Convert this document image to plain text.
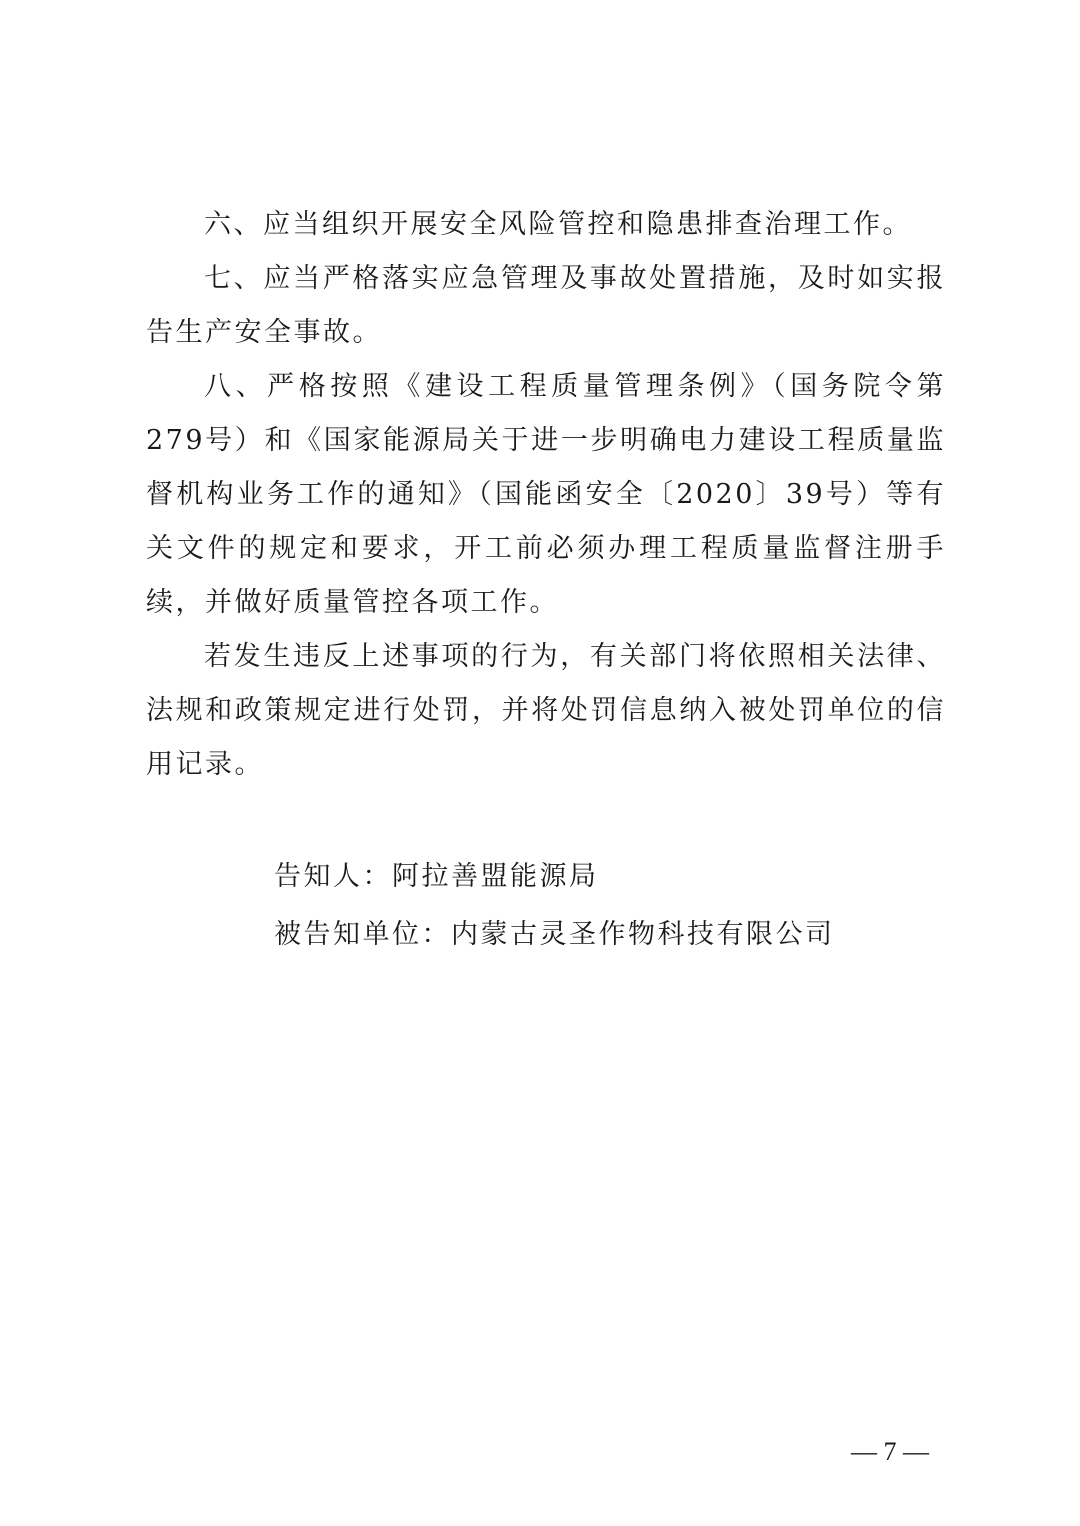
六、应当组织开展安全风险管控和隐患排查治理工作。

七、应当严格落实应急管理及事故处置措施，及时如实报告生产安全事故。

八、严格按照《建设工程质量管理条例》（国务院令第279号）和《国家能源局关于进一步明确电力建设工程质量监督机构业务工作的通知》（国能函安全〔2020〕39号）等有关文件的规定和要求，开工前必须办理工程质量监督注册手续，并做好质量管控各项工作。

若发生违反上述事项的行为，有关部门将依照相关法律、法规和政策规定进行处罚，并将处罚信息纳入被处罚单位的信用记录。

告知人：阿拉善盟能源局

被告知单位：内蒙古灵圣作物科技有限公司

— 7 —
